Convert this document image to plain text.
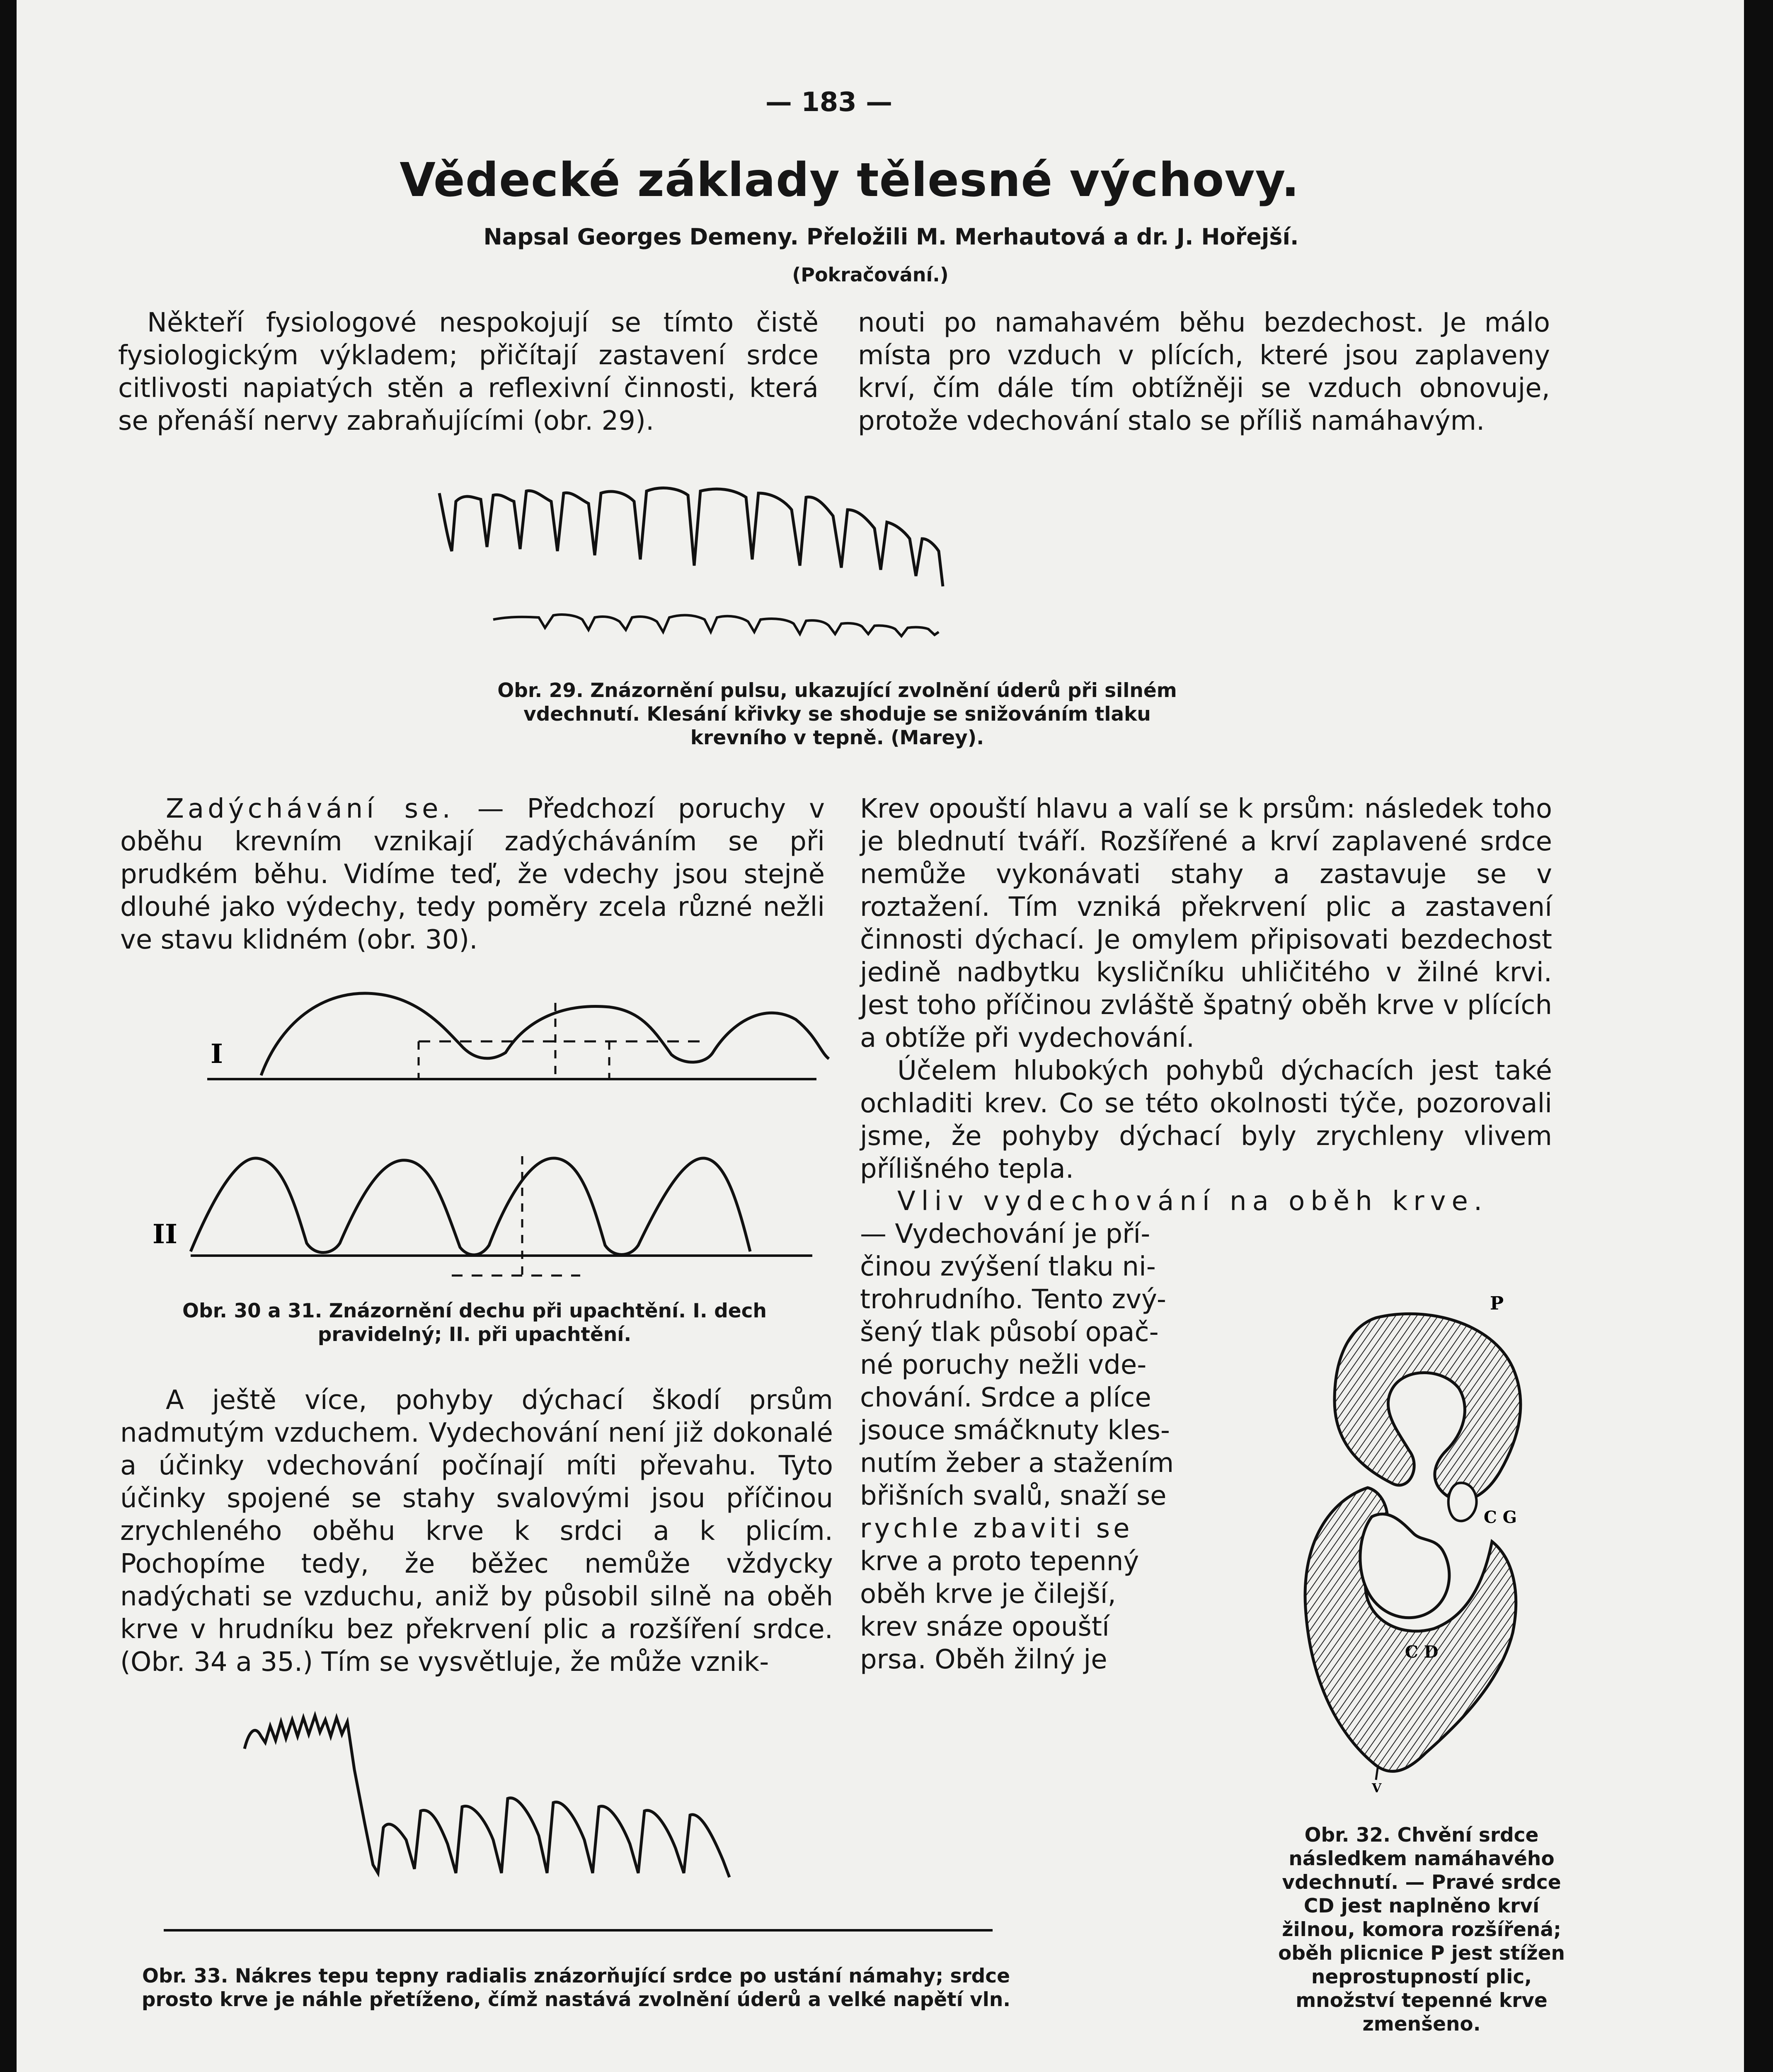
— 183 —
Vědecké základy tělesné výchovy.
Napsal Georges Demeny. Přeložili M. Merhautová a dr. J. Hořejší.
(Pokračování.)

Někteří fysiologové nespokojují se tímto čistě fysiologickým výkladem; přičítají zastavení srdce citlivosti napiatých stěn a reflexivní činnosti, která se přenáší nervy zabraňujícími (obr. 29).

nouti po namahavém běhu bezdechost. Je málo místa pro vzduch v plících, které jsou zaplaveny krví, čím dále tím obtížněji se vzduch obnovuje, protože vdechování stalo se příliš namáhavým.

Obr. 29. Znázornění pulsu, ukazující zvolnění úderů při silném vdechnutí. Klesání křivky se shoduje se snižováním tlaku krevního v tepně. (Marey).

Zadýchávání se. — Předchozí poruchy v oběhu krevním vznikají zadýcháváním se při prudkém běhu. Vidíme teď, že vdechy jsou stejně dlouhé jako výdechy, tedy poměry zcela různé nežli ve stavu klidném (obr. 30).

I
II

Obr. 30 a 31. Znázornění dechu při upachtění. I. dech pravidelný; II. při upachtění.

A ještě více, pohyby dýchací škodí prsům nadmutým vzduchem. Vydechování není již dokonalé a účinky vdechování počínají míti převahu. Tyto účinky spojené se stahy svalovými jsou příčinou zrychleného oběhu krve k srdci a k plicím. Pochopíme tedy, že běžec nemůže vždycky nadýchati se vzduchu, aniž by působil silně na oběh krve v hrudníku bez překrvení plic a rozšíření srdce. (Obr. 34 a 35.) Tím se vysvětluje, že může vznik-

Krev opouští hlavu a valí se k prsům: následek toho je blednutí tváří. Rozšířené a krví zaplavené srdce nemůže vykonávati stahy a zastavuje se v roztažení. Tím vzniká překrvení plic a zastavení činnosti dýchací. Je omylem připisovati bezdechost jedině nadbytku kysličníku uhličitého v žilné krvi. Jest toho příčinou zvláště špatný oběh krve v plících a obtíže při vydechování.

Účelem hlubokých pohybů dýchacích jest také ochladiti krev. Co se této okolnosti týče, pozorovali jsme, že pohyby dýchací byly zrychleny vlivem přílišného tepla.

Vliv vydechování na oběh krve.

— Vydechování je pří-
činou zvýšení tlaku ni-
trohrudního. Tento zvý-
šený tlak působí opač-
né poruchy nežli vde-
chování. Srdce a plíce
jsouce smáčknuty kles-
nutím žeber a stažením
břišních svalů, snaží se
rychle zbaviti se
krve a proto tepenný
oběh krve je čilejší,
krev snáze opouští
prsa. Oběh žilný je
P
C G
V

Obr. 32. Chvění srdce následkem namáhavého vdechnutí. — Pravé srdce CD jest naplněno krví žilnou, komora rozšířená; oběh plicnice P jest stížen neprostupností plic, množství tepenné krve zmenšeno.

Obr. 33. Nákres tepu tepny radialis znázorňující srdce po ustání námahy; srdce prosto krve je náhle přetíženo, čímž nastává zvolnění úderů a velké napětí vln.
